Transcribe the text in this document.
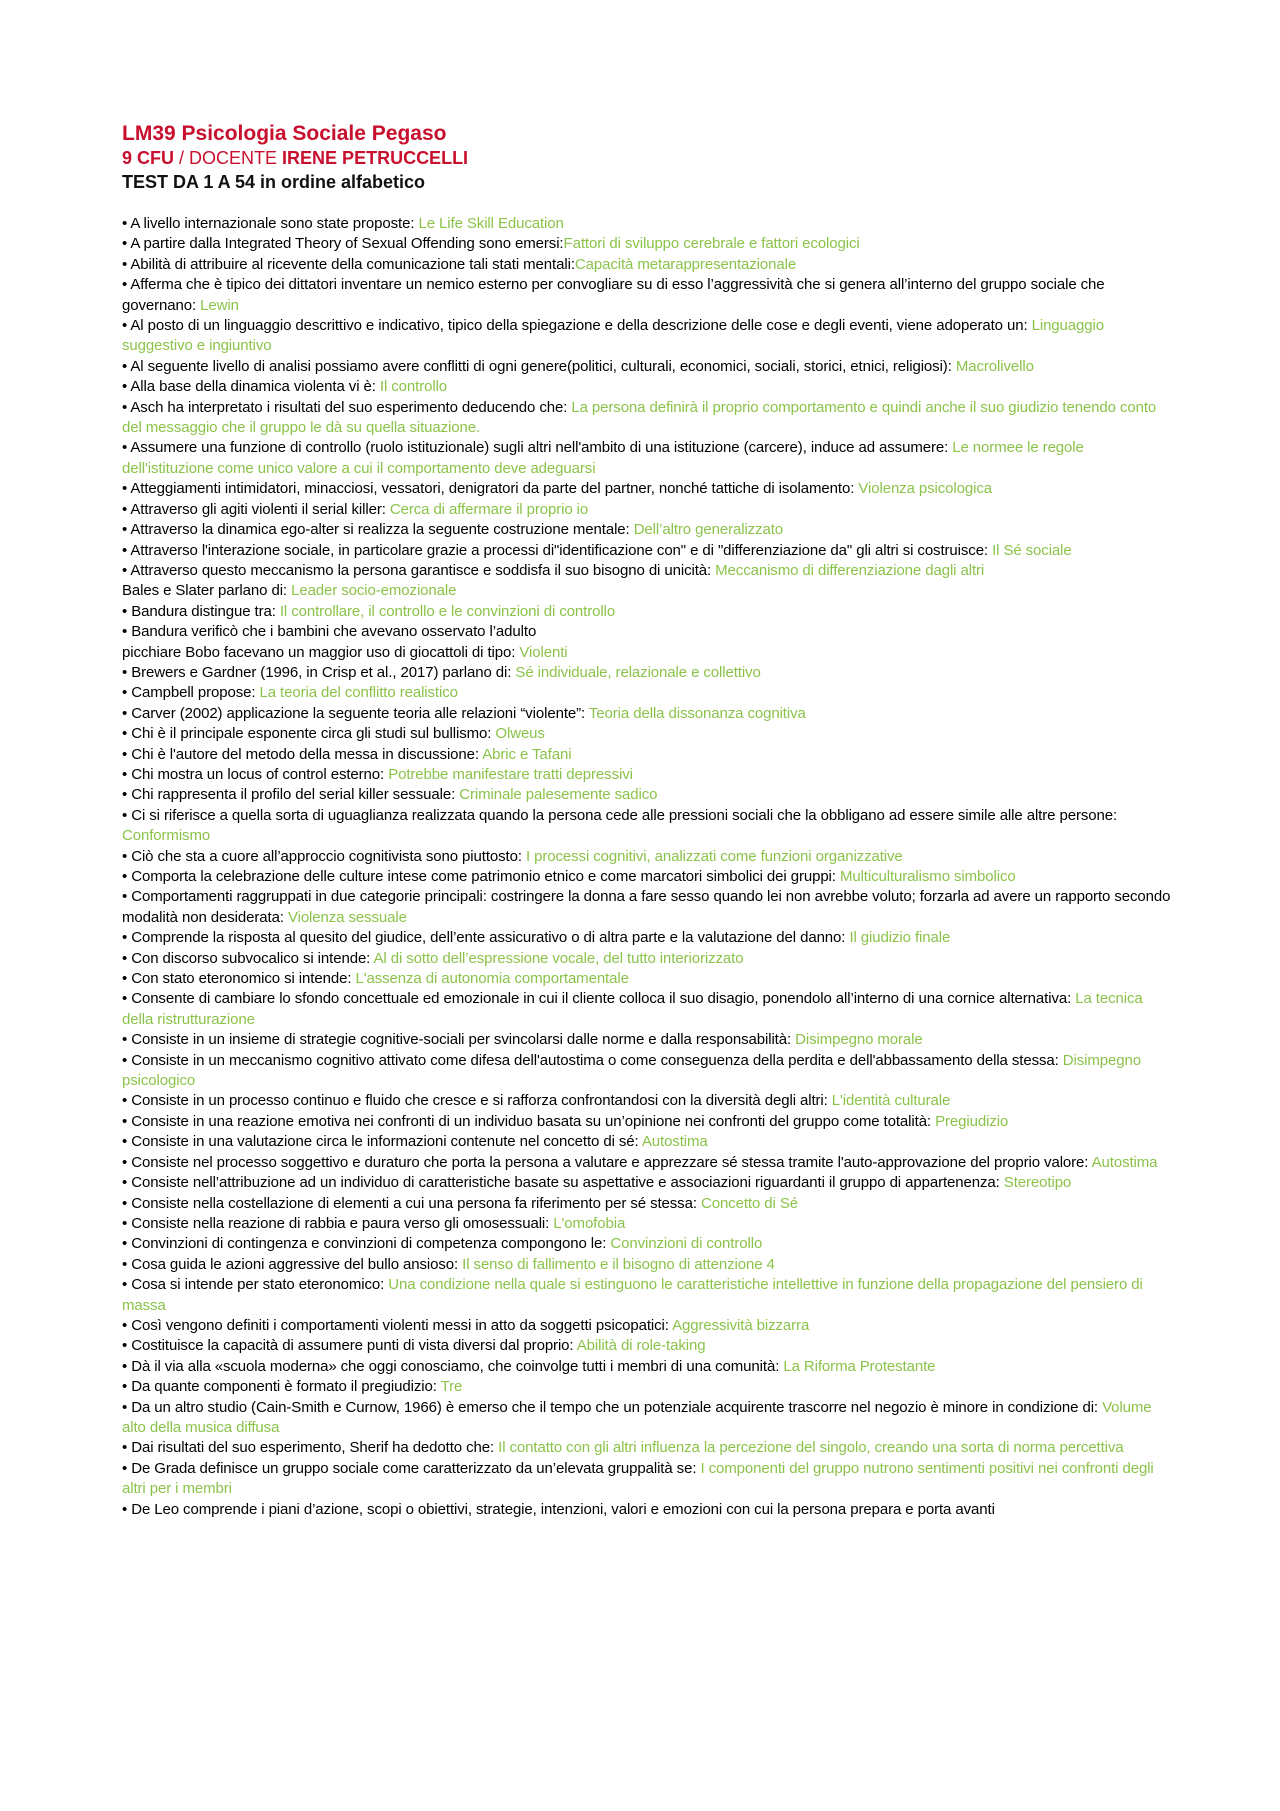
LM39 Psicologia Sociale Pegaso
9 CFU / DOCENTE IRENE PETRUCCELLI
TEST DA 1 A 54 in ordine alfabetico
• A livello internazionale sono state proposte: Le Life Skill Education
• A partire dalla Integrated Theory of Sexual Offending sono emersi:Fattori di sviluppo cerebrale e fattori ecologici
• Abilità di attribuire al ricevente della comunicazione tali stati mentali:Capacità metarappresentazionale
• Afferma che è tipico dei dittatori inventare un nemico esterno per convogliare su di esso l’aggressività che si genera all’interno del gruppo sociale che governano: Lewin
• Al posto di un linguaggio descrittivo e indicativo, tipico della spiegazione e della descrizione delle cose e degli eventi, viene adoperato un: Linguaggio suggestivo e ingiuntivo
• Al seguente livello di analisi possiamo avere conflitti di ogni genere(politici, culturali, economici, sociali, storici, etnici, religiosi): Macrolivello
• Alla base della dinamica violenta vi è: Il controllo
• Asch ha interpretato i risultati del suo esperimento deducendo che: La persona definirà il proprio comportamento e quindi anche il suo giudizio tenendo conto del messaggio che il gruppo le dà su quella situazione.
• Assumere una funzione di controllo (ruolo istituzionale) sugli altri nell'ambito di una istituzione (carcere), induce ad assumere: Le normee le regole dell'istituzione come unico valore a cui il comportamento deve adeguarsi
• Atteggiamenti intimidatori, minacciosi, vessatori, denigratori da parte del partner, nonché tattiche di isolamento: Violenza psicologica
• Attraverso gli agiti violenti il serial killer: Cerca di affermare il proprio io
• Attraverso la dinamica ego-alter si realizza la seguente costruzione mentale: Dell’altro generalizzato
• Attraverso l'interazione sociale, in particolare grazie a processi di"identificazione con" e di "differenziazione da" gli altri si costruisce: Il Sé sociale
• Attraverso questo meccanismo la persona garantisce e soddisfa il suo bisogno di unicità: Meccanismo di differenziazione dagli altri
Bales e Slater parlano di: Leader socio-emozionale
• Bandura distingue tra: Il controllare, il controllo e le convinzioni di controllo
• Bandura verificò che i bambini che avevano osservato l’adulto
picchiare Bobo facevano un maggior uso di giocattoli di tipo: Violenti
• Brewers e Gardner (1996, in Crisp et al., 2017) parlano di: Sé individuale, relazionale e collettivo
• Campbell propose: La teoria del conflitto realistico
• Carver (2002) applicazione la seguente teoria alle relazioni “violente”: Teoria della dissonanza cognitiva
• Chi è il principale esponente circa gli studi sul bullismo: Olweus
• Chi è l'autore del metodo della messa in discussione: Abric e Tafani
• Chi mostra un locus of control esterno: Potrebbe manifestare tratti depressivi
• Chi rappresenta il profilo del serial killer sessuale: Criminale palesemente sadico
• Ci si riferisce a quella sorta di uguaglianza realizzata quando la persona cede alle pressioni sociali che la obbligano ad essere simile alle altre persone: Conformismo
• Ciò che sta a cuore all’approccio cognitivista sono piuttosto: I processi cognitivi, analizzati come funzioni organizzative
• Comporta la celebrazione delle culture intese come patrimonio etnico e come marcatori simbolici dei gruppi: Multiculturalismo simbolico
• Comportamenti raggruppati in due categorie principali: costringere la donna a fare sesso quando lei non avrebbe voluto; forzarla ad avere un rapporto secondo modalità non desiderata: Violenza sessuale
• Comprende la risposta al quesito del giudice, dell’ente assicurativo o di altra parte e la valutazione del danno: Il giudizio finale
• Con discorso subvocalico si intende: Al di sotto dell’espressione vocale, del tutto interiorizzato
• Con stato eteronomico si intende: L'assenza di autonomia comportamentale
• Consente di cambiare lo sfondo concettuale ed emozionale in cui il cliente colloca il suo disagio, ponendolo all’interno di una cornice alternativa: La tecnica della ristrutturazione
• Consiste in un insieme di strategie cognitive-sociali per svincolarsi dalle norme e dalla responsabilità: Disimpegno morale
• Consiste in un meccanismo cognitivo attivato come difesa dell'autostima o come conseguenza della perdita e dell'abbassamento della stessa: Disimpegno psicologico
• Consiste in un processo continuo e fluido che cresce e si rafforza confrontandosi con la diversità degli altri: L'identità culturale
• Consiste in una reazione emotiva nei confronti di un individuo basata su un’opinione nei confronti del gruppo come totalità: Pregiudizio
• Consiste in una valutazione circa le informazioni contenute nel concetto di sé: Autostima
• Consiste nel processo soggettivo e duraturo che porta la persona a valutare e apprezzare sé stessa tramite l'auto-approvazione del proprio valore: Autostima
• Consiste nell’attribuzione ad un individuo di caratteristiche basate su aspettative e associazioni riguardanti il gruppo di appartenenza: Stereotipo
• Consiste nella costellazione di elementi a cui una persona fa riferimento per sé stessa: Concetto di Sé
• Consiste nella reazione di rabbia e paura verso gli omosessuali: L'omofobia
• Convinzioni di contingenza e convinzioni di competenza compongono le: Convinzioni di controllo
• Cosa guida le azioni aggressive del bullo ansioso: Il senso di fallimento e il bisogno di attenzione 4
• Cosa si intende per stato eteronomico: Una condizione nella quale si estinguono le caratteristiche intellettive in funzione della propagazione del pensiero di massa
• Così vengono definiti i comportamenti violenti messi in atto da soggetti psicopatici: Aggressività bizzarra
• Costituisce la capacità di assumere punti di vista diversi dal proprio: Abilità di role-taking
• Dà il via alla «scuola moderna» che oggi conosciamo, che coinvolge tutti i membri di una comunità: La Riforma Protestante
• Da quante componenti è formato il pregiudizio: Tre
• Da un altro studio (Cain-Smith e Curnow, 1966) è emerso che il tempo che un potenziale acquirente trascorre nel negozio è minore in condizione di: Volume alto della musica diffusa
• Dai risultati del suo esperimento, Sherif ha dedotto che: Il contatto con gli altri influenza la percezione del singolo, creando una sorta di norma percettiva
• De Grada definisce un gruppo sociale come caratterizzato da un’elevata gruppalità se: I componenti del gruppo nutrono sentimenti positivi nei confronti degli altri per i membri
• De Leo comprende i piani d’azione, scopi o obiettivi, strategie, intenzioni, valori e emozioni con cui la persona prepara e porta avanti
